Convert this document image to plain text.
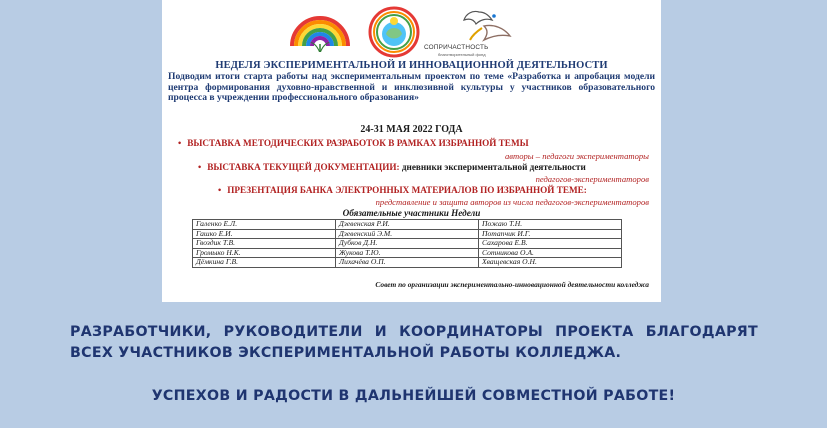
СОПРИЧАСТНОСТЬ
благотворительный фонд
НЕДЕЛЯ ЭКСПЕРИМЕНТАЛЬНОЙ И ИННОВАЦИОННОЙ ДЕЯТЕЛЬНОСТИ
Подводим итоги старта работы над экспериментальным проектом по теме «Разработка и апробация модели центра формирования духовно-нравственной и инклюзивной культуры у участников образовательного процесса в учреждении профессионального образования»
24-31 МАЯ 2022 ГОДА
• ВЫСТАВКА МЕТОДИЧЕСКИХ РАЗРАБОТОК В РАМКАХ ИЗБРАННОЙ ТЕМЫ
авторы – педагоги экспериментаторы
• ВЫСТАВКА ТЕКУЩЕЙ ДОКУМЕНТАЦИИ: дневники экспериментальной деятельности
педагогов-экспериментаторов
• ПРЕЗЕНТАЦИЯ БАНКА ЭЛЕКТРОННЫХ МАТЕРИАЛОВ ПО ИЗБРАННОЙ ТЕМЕ:
представление и защита авторов из числа педагогов-экспериментаторов
Обязательные участники Недели
Галенко Е.Л.	Дзевенская Р.И.	Пожаю Т.Н.
Гашко Е.И.	Дзевенский Э.М.	Потапчик И.Г.
Гвоздик Т.В.	Дубков Д.Н.	Сахарова Е.В.
Громыко Н.К.	Жукова Т.Ю.	Сотникова О.А.
Дёмкина Г.В.	Лихачёва О.П.	Хващевская О.Н.
Совет по организации экспериментально-инновационной деятельности колледжа
РАЗРАБОТЧИКИ, РУКОВОДИТЕЛИ И КООРДИНАТОРЫ ПРОЕКТА БЛАГОДАРЯТ ВСЕХ УЧАСТНИКОВ ЭКСПЕРИМЕНТАЛЬНОЙ РАБОТЫ КОЛЛЕДЖА.
УСПЕХОВ И РАДОСТИ В ДАЛЬНЕЙШЕЙ СОВМЕСТНОЙ РАБОТЕ!
